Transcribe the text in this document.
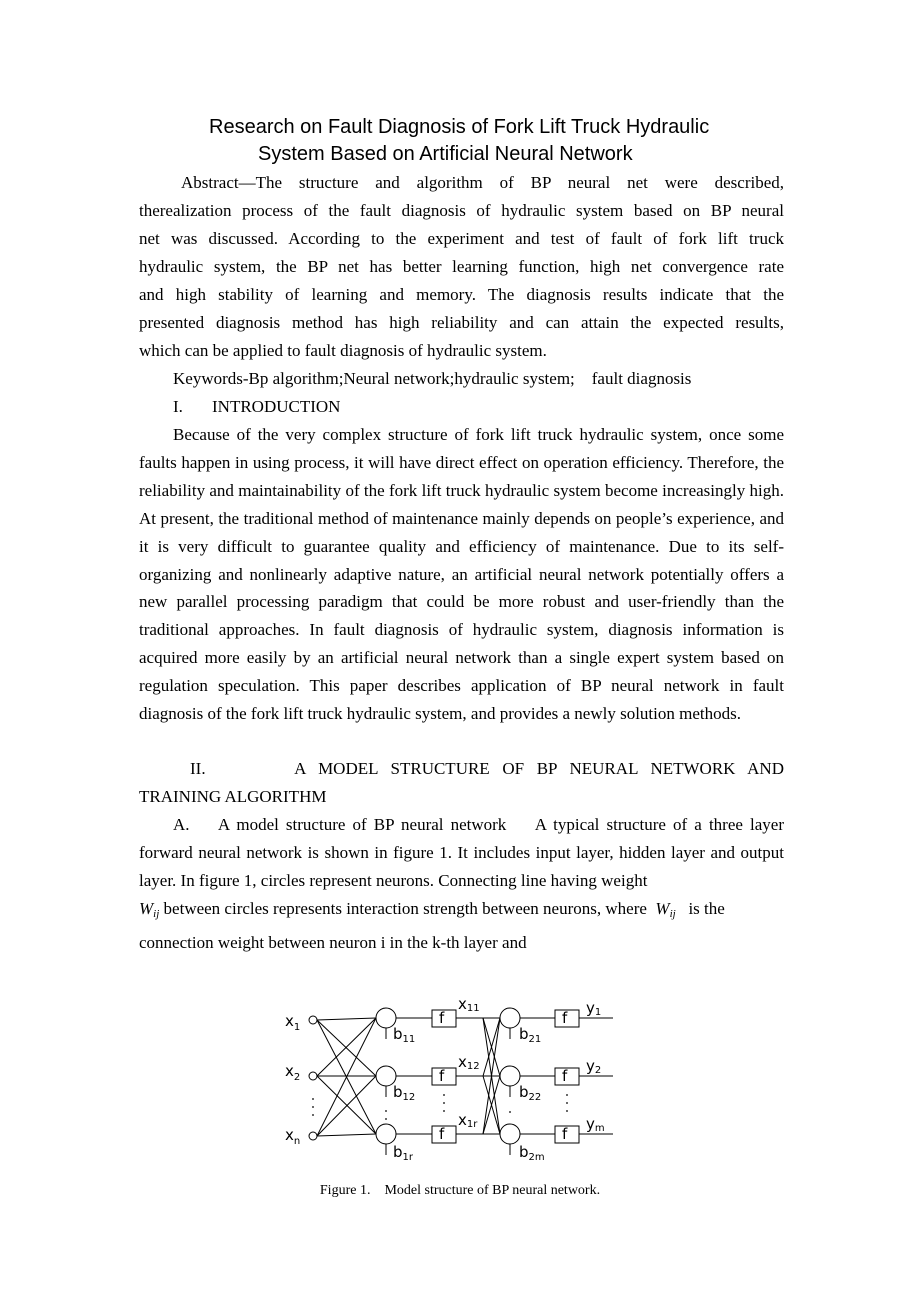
Research on Fault Diagnosis of Fork Lift Truck Hydraulic
System Based on Artificial Neural Network
Abstract—The structure and algorithm of BP neural net were described,
therealization process of the fault diagnosis of hydraulic system based on BP neural
net was discussed. According to the experiment and test of fault of fork lift truck
hydraulic system, the BP net has better learning function, high net convergence rate
and high stability of learning and memory. The diagnosis results indicate that the
presented diagnosis method has high reliability and can attain the expected results,
which can be applied to fault diagnosis of hydraulic system.
Keywords-Bp algorithm;Neural network;hydraulic system;    fault diagnosis
I. INTRODUCTION
Because of the very complex structure of fork lift truck hydraulic system, once some faults happen in using process, it will have direct effect on operation efficiency. Therefore, the reliability and maintainability of the fork lift truck hydraulic system become increasingly high. At present, the traditional method of maintenance mainly depends on people’s experience, and it is very difficult to guarantee quality and efficiency of maintenance. Due to its self-organizing and nonlinearly adaptive nature, an artificial neural network potentially offers a new parallel processing paradigm that could be more robust and user-friendly than the traditional approaches. In fault diagnosis of hydraulic system, diagnosis information is acquired more easily by an artificial neural network than a single expert system based on regulation speculation. This paper describes application of BP neural network in fault diagnosis of the fork lift truck hydraulic system, and provides a newly solution methods.
II.       A MODEL STRUCTURE OF BP NEURAL NETWORK AND
TRAINING ALGORITHM
A.    A model structure of BP neural network    A typical structure of a three layer forward neural network is shown in figure 1. It includes input layer, hidden layer and output layer. In figure 1, circles represent neurons. Connecting line having weight
$W_{ij}$ between circles represents interaction strength between neurons, where $W_{ij}$ is the
connection weight between neuron i in the k-th layer and
$x_1$
$x_2$
$x_n$
f
f
f
f
f
f
$b_{11}$
$b_{12}$
$b_{1r}$
x11
x12
x1r
$b_{21}$
$b_{22}$
$b_{2m}$
y1
y2
ym
Figure 1.    Model structure of BP neural network.
